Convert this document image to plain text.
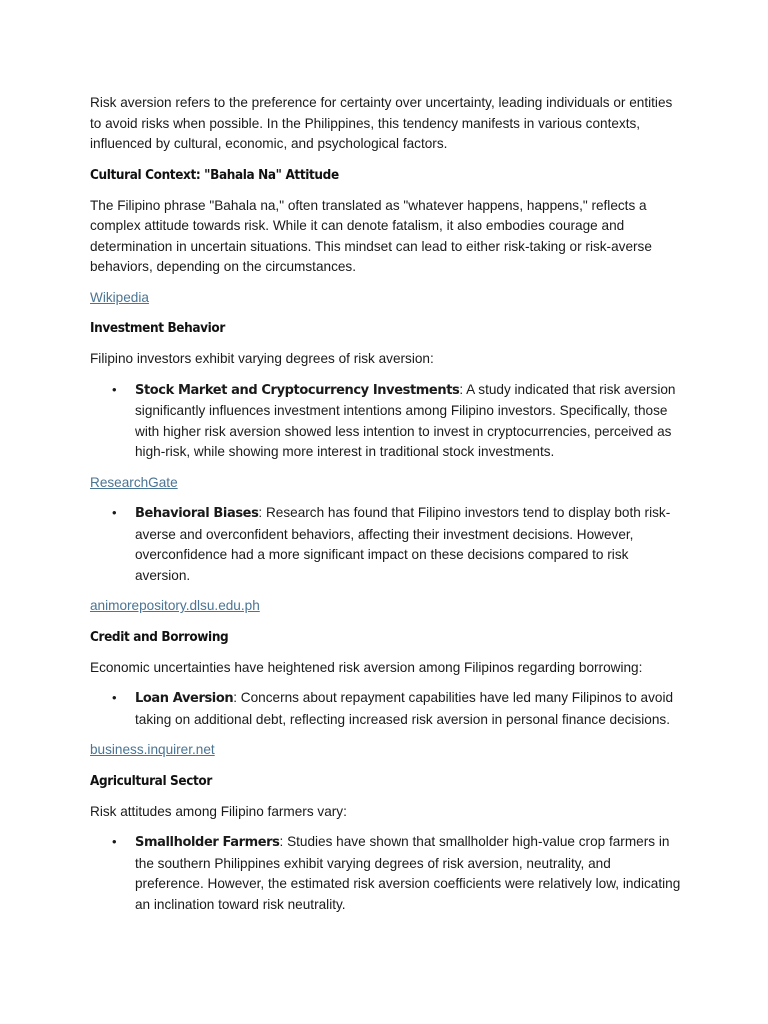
Risk aversion refers to the preference for certainty over uncertainty, leading individuals or entities to avoid risks when possible. In the Philippines, this tendency manifests in various contexts, influenced by cultural, economic, and psychological factors.

Cultural Context: "Bahala Na" Attitude

The Filipino phrase "Bahala na," often translated as "whatever happens, happens," reflects a complex attitude towards risk. While it can denote fatalism, it also embodies courage and determination in uncertain situations. This mindset can lead to either risk-taking or risk-averse behaviors, depending on the circumstances.

Wikipedia
Investment Behavior

Filipino investors exhibit varying degrees of risk aversion:

• Stock Market and Cryptocurrency Investments: A study indicated that risk aversion significantly influences investment intentions among Filipino investors. Specifically, those with higher risk aversion showed less intention to invest in cryptocurrencies, perceived as high-risk, while showing more interest in traditional stock investments.
ResearchGate
• Behavioral Biases: Research has found that Filipino investors tend to display both risk-averse and overconfident behaviors, affecting their investment decisions. However, overconfidence had a more significant impact on these decisions compared to risk aversion.
animorepository.dlsu.edu.ph
Credit and Borrowing

Economic uncertainties have heightened risk aversion among Filipinos regarding borrowing:

• Loan Aversion: Concerns about repayment capabilities have led many Filipinos to avoid taking on additional debt, reflecting increased risk aversion in personal finance decisions.
business.inquirer.net
Agricultural Sector

Risk attitudes among Filipino farmers vary:

• Smallholder Farmers: Studies have shown that smallholder high-value crop farmers in the southern Philippines exhibit varying degrees of risk aversion, neutrality, and preference. However, the estimated risk aversion coefficients were relatively low, indicating an inclination toward risk neutrality.
